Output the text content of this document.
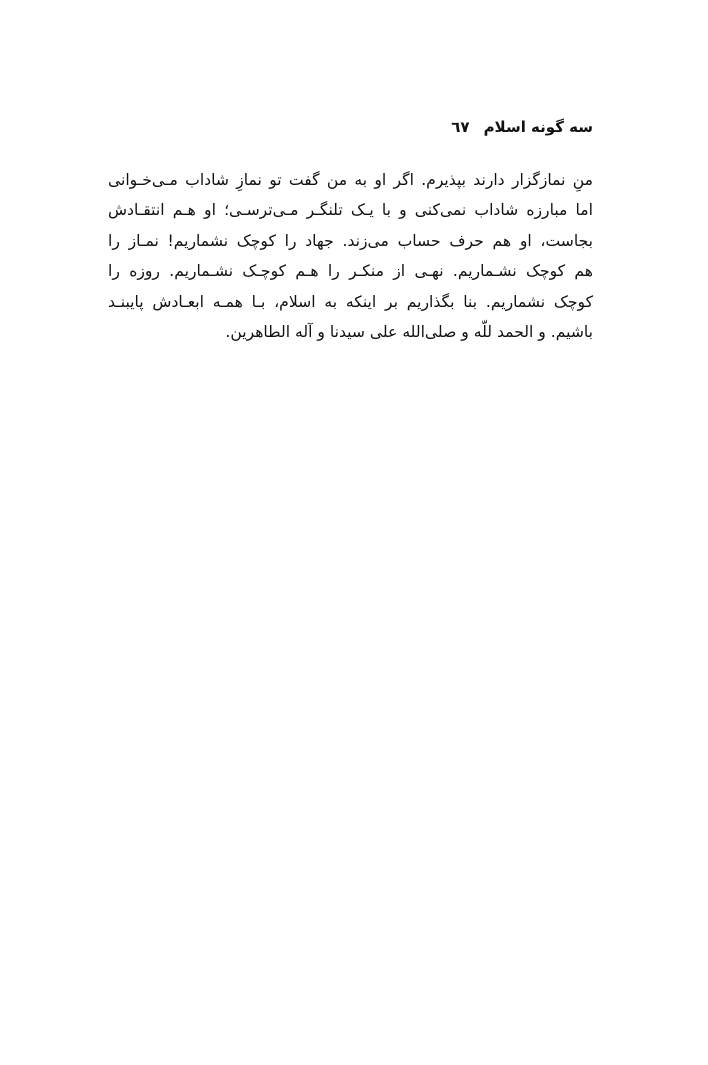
سه گونه اسلام
٦٧
منِ نمازگزار دارند بپذیرم. اگر او به من گفت تو نمازِ شاداب مـی‌خـوانی
اما مبارزه شاداب نمی‌کنی و با یـک تلنگـر مـی‌ترسـی؛ او هـم انتقـادش
بجاست، او هم حرف حساب می‌زند. جهاد را کوچک نشماریم! نمـاز را
هم کوچک نشـماریم. نهـی از منکـر را هـم کوچـک نشـماریم. روزه را
کوچک نشماریم. بنا بگذاریم بر اینکه به اسلام، بـا همـه ابعـادش پایبنـد
باشیم. و الحمد للّه و صلی‌الله علی سیدنا و آله الطاهرین.
